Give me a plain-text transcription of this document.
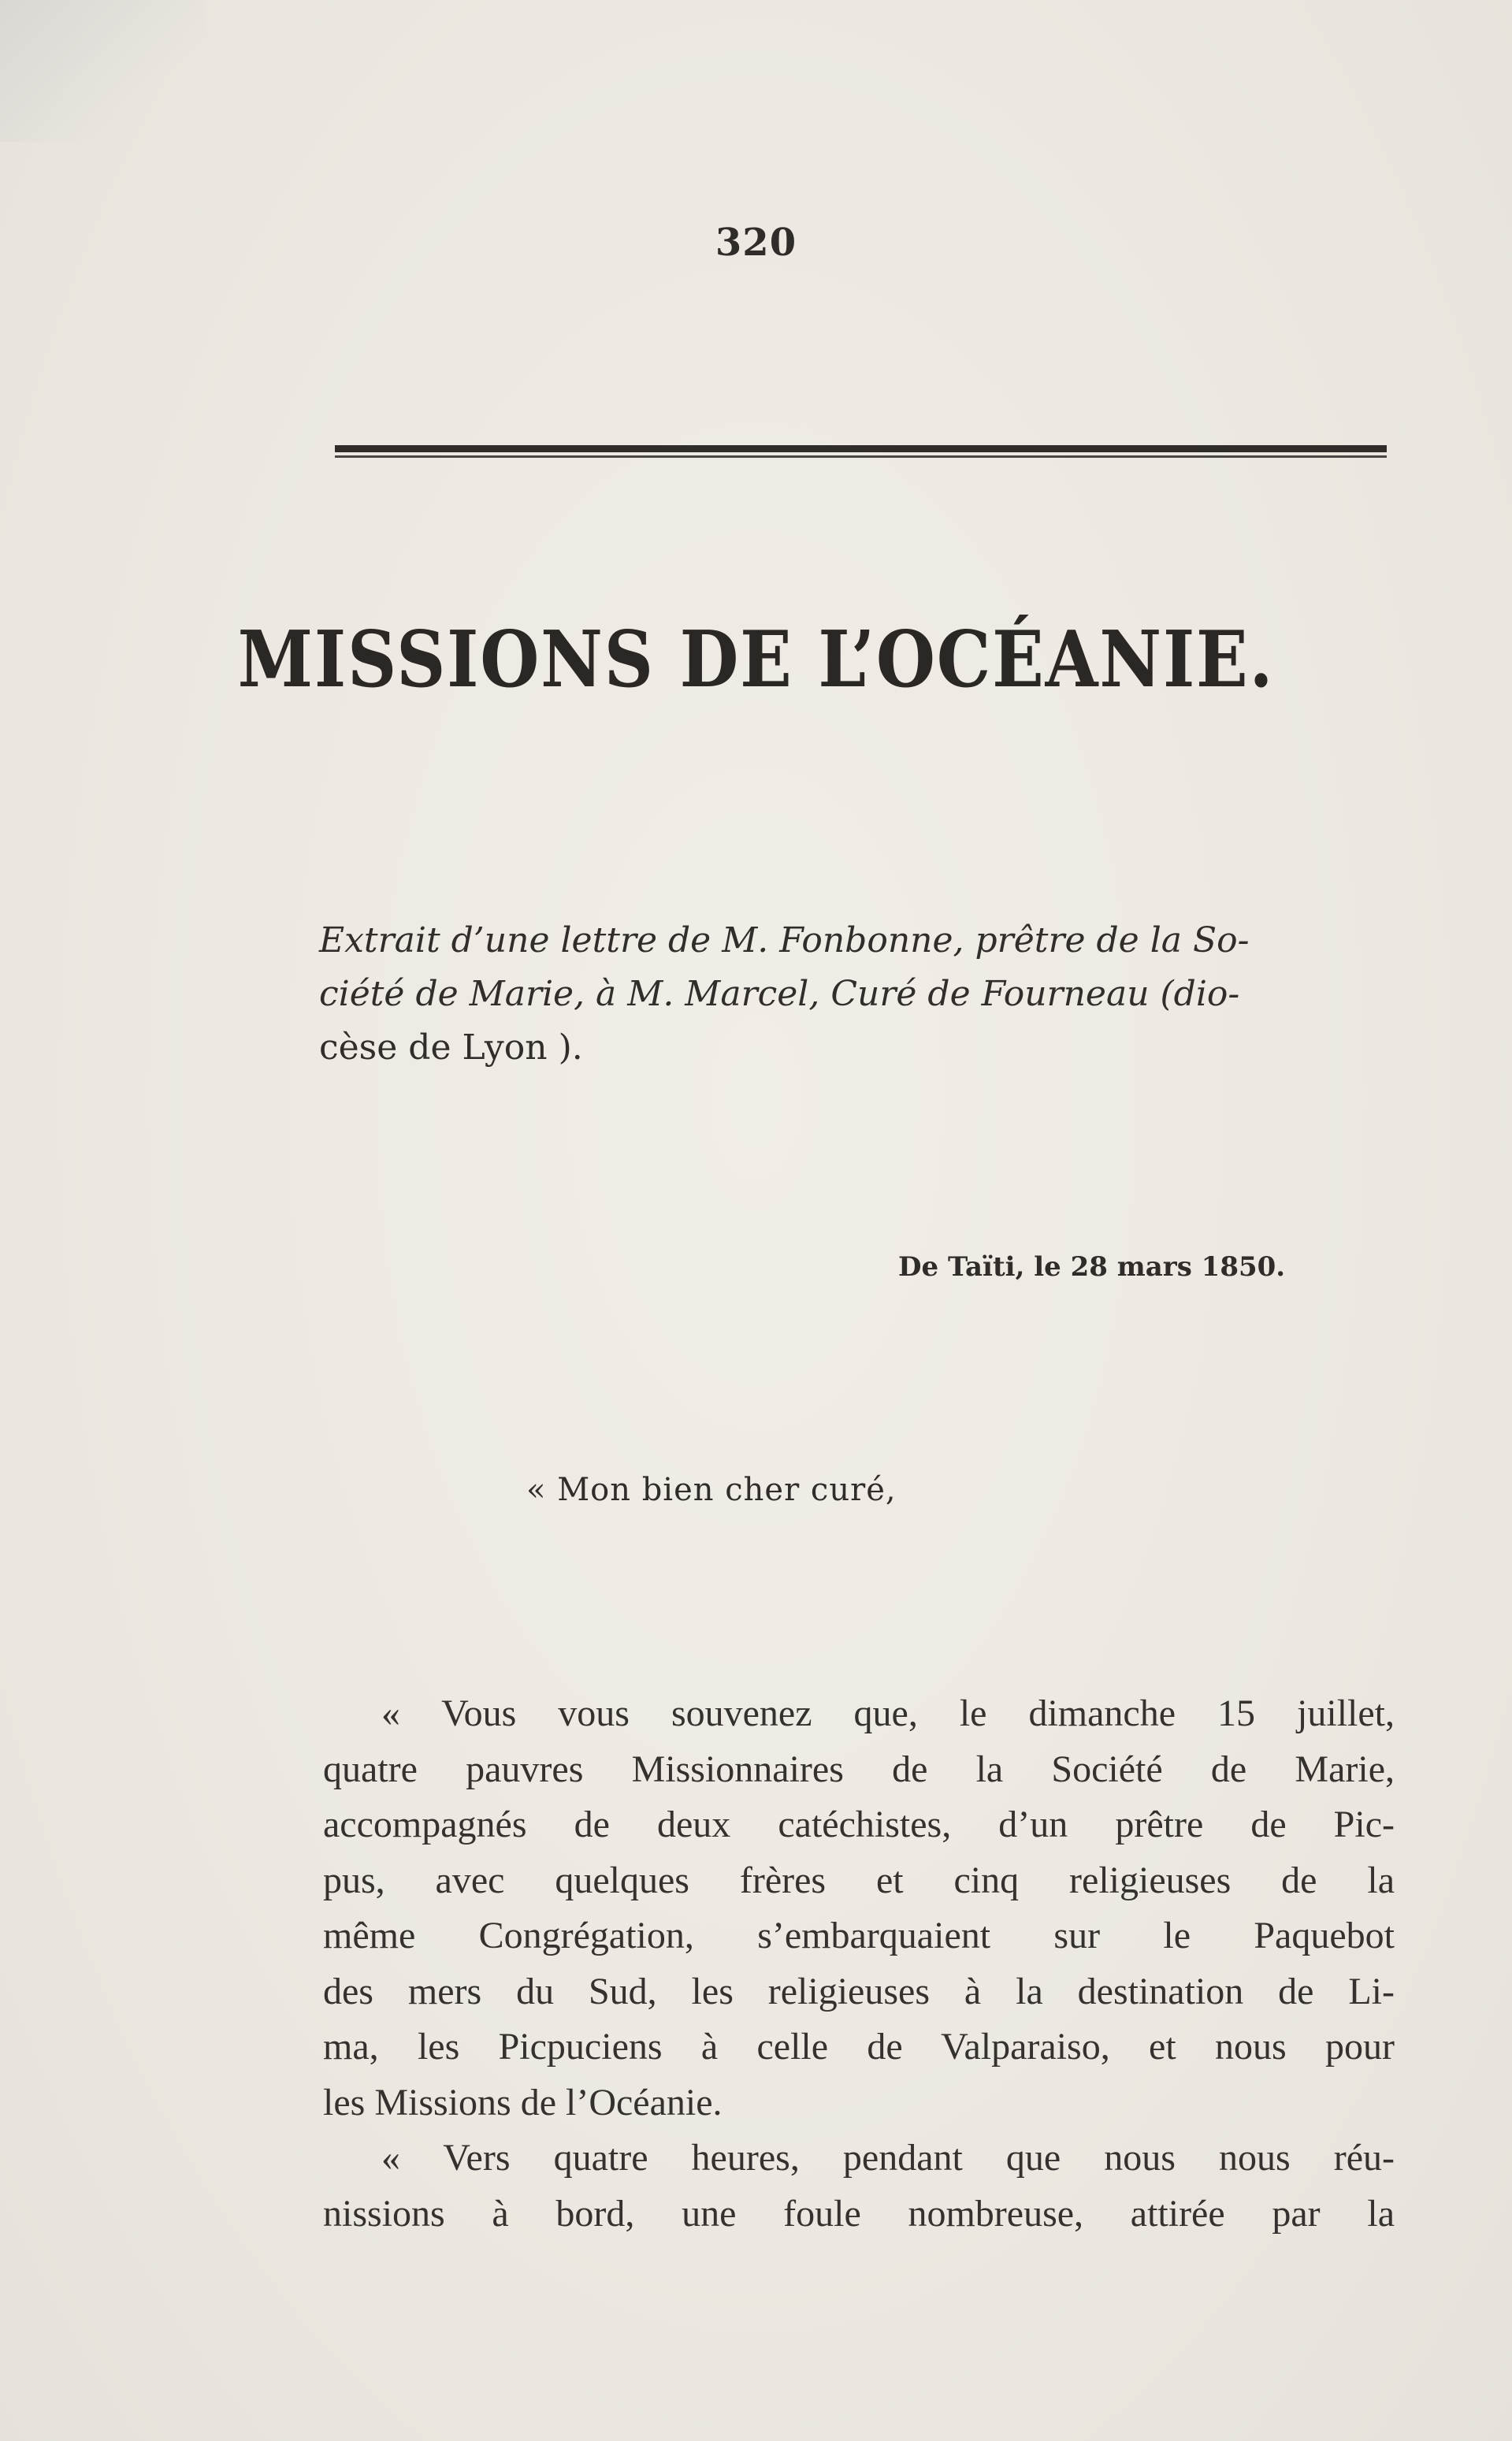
320
MISSIONS DE L’OCÉANIE.

Extrait d’une lettre de M. Fonbonne, prêtre de la So-
ciété de Marie, à M. Marcel, Curé de Fourneau (dio-
cèse de Lyon ).

De Taïti, le 28 mars 1850.
« Mon bien cher curé,
« Vous vous souvenez que, le dimanche 15 juillet,
quatre pauvres Missionnaires de la Société de Marie,
accompagnés de deux catéchistes, d’un prêtre de Pic-
pus, avec quelques frères et cinq religieuses de la
même Congrégation, s’embarquaient sur le Paquebot
des mers du Sud, les religieuses à la destination de Li-
ma, les Picpuciens à celle de Valparaiso, et nous pour
les Missions de l’Océanie.
« Vers quatre heures, pendant que nous nous réu-
nissions à bord, une foule nombreuse, attirée par la
